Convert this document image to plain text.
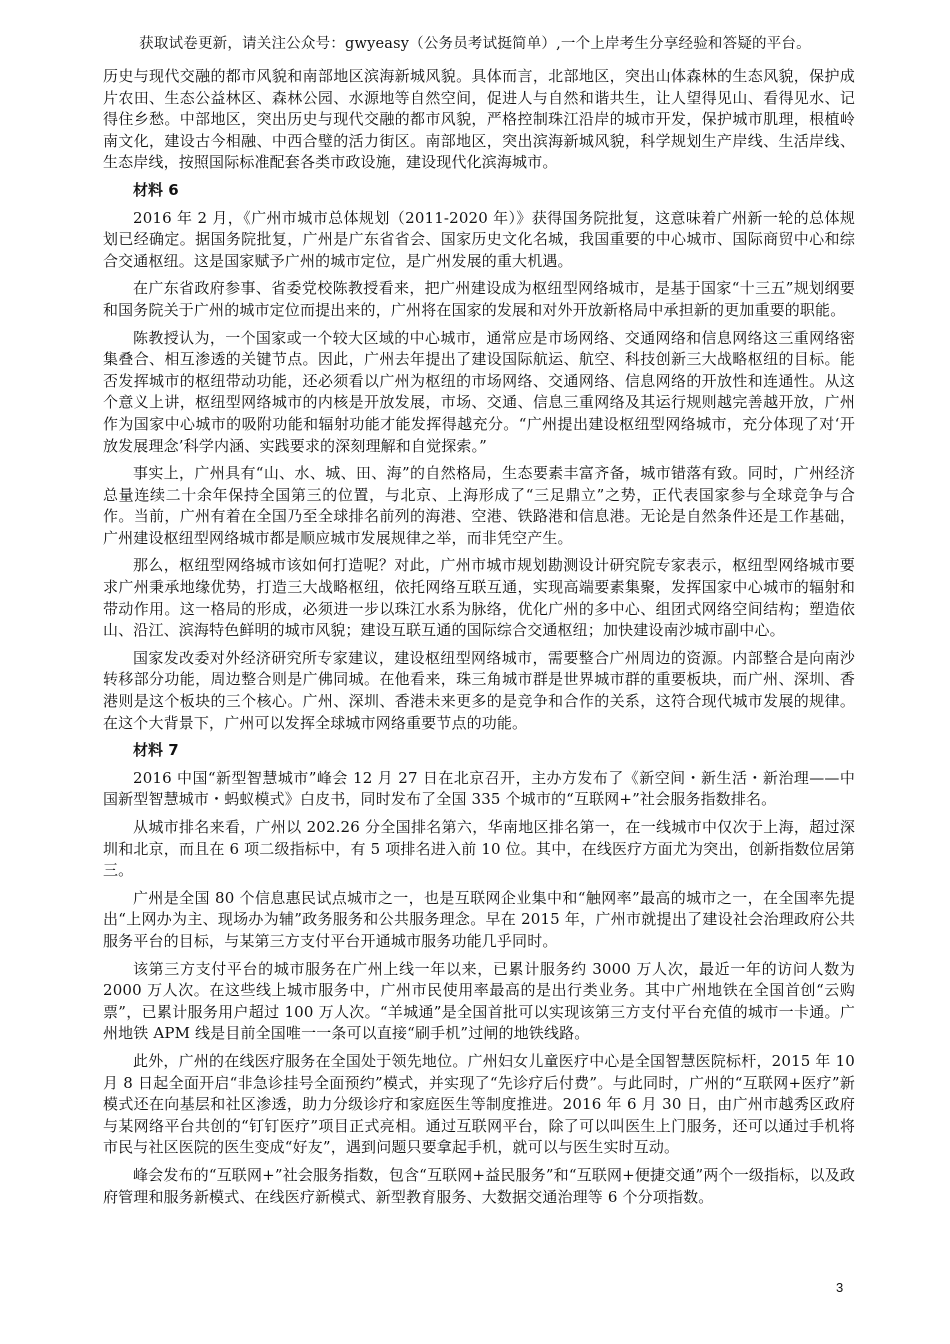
获取试卷更新，请关注公众号：gwyeasy（公务员考试挺简单）,一个上岸考生分享经验和答疑的平台。

历史与现代交融的都市风貌和南部地区滨海新城风貌。具体而言，北部地区，突出山体森林的生态风貌，保护成片农田、生态公益林区、森林公园、水源地等自然空间，促进人与自然和谐共生，让人望得见山、看得见水、记得住乡愁。中部地区，突出历史与现代交融的都市风貌，严格控制珠江沿岸的城市开发，保护城市肌理，根植岭南文化，建设古今相融、中西合璧的活力街区。南部地区，突出滨海新城风貌，科学规划生产岸线、生活岸线、生态岸线，按照国际标准配套各类市政设施，建设现代化滨海城市。

材料 6

2016 年 2 月，《广州市城市总体规划（2011-2020 年）》获得国务院批复，这意味着广州新一轮的总体规划已经确定。据国务院批复，广州是广东省省会、国家历史文化名城，我国重要的中心城市、国际商贸中心和综合交通枢纽。这是国家赋予广州的城市定位，是广州发展的重大机遇。

在广东省政府参事、省委党校陈教授看来，把广州建设成为枢纽型网络城市，是基于国家“十三五”规划纲要和国务院关于广州的城市定位而提出来的，广州将在国家的发展和对外开放新格局中承担新的更加重要的职能。

陈教授认为，一个国家或一个较大区域的中心城市，通常应是市场网络、交通网络和信息网络这三重网络密集叠合、相互渗透的关键节点。因此，广州去年提出了建设国际航运、航空、科技创新三大战略枢纽的目标。能否发挥城市的枢纽带动功能，还必须看以广州为枢纽的市场网络、交通网络、信息网络的开放性和连通性。从这个意义上讲，枢纽型网络城市的内核是开放发展，市场、交通、信息三重网络及其运行规则越完善越开放，广州作为国家中心城市的吸附功能和辐射功能才能发挥得越充分。“广州提出建设枢纽型网络城市，充分体现了对‘开放发展理念’科学内涵、实践要求的深刻理解和自觉探索。”

事实上，广州具有“山、水、城、田、海”的自然格局，生态要素丰富齐备，城市错落有致。同时，广州经济总量连续二十余年保持全国第三的位置，与北京、上海形成了“三足鼎立”之势，正代表国家参与全球竞争与合作。当前，广州有着在全国乃至全球排名前列的海港、空港、铁路港和信息港。无论是自然条件还是工作基础，广州建设枢纽型网络城市都是顺应城市发展规律之举，而非凭空产生。

那么，枢纽型网络城市该如何打造呢？对此，广州市城市规划勘测设计研究院专家表示，枢纽型网络城市要求广州秉承地缘优势，打造三大战略枢纽，依托网络互联互通，实现高端要素集聚，发挥国家中心城市的辐射和带动作用。这一格局的形成，必须进一步以珠江水系为脉络，优化广州的多中心、组团式网络空间结构；塑造依山、沿江、滨海特色鲜明的城市风貌；建设互联互通的国际综合交通枢纽；加快建设南沙城市副中心。

国家发改委对外经济研究所专家建议，建设枢纽型网络城市，需要整合广州周边的资源。内部整合是向南沙转移部分功能，周边整合则是广佛同城。在他看来，珠三角城市群是世界城市群的重要板块，而广州、深圳、香港则是这个板块的三个核心。广州、深圳、香港未来更多的是竞争和合作的关系，这符合现代城市发展的规律。在这个大背景下，广州可以发挥全球城市网络重要节点的功能。

材料 7

2016 中国“新型智慧城市”峰会 12 月 27 日在北京召开，主办方发布了《新空间・新生活・新治理——中国新型智慧城市・蚂蚁模式》白皮书，同时发布了全国 335 个城市的“互联网+”社会服务指数排名。

从城市排名来看，广州以 202.26 分全国排名第六，华南地区排名第一，在一线城市中仅次于上海，超过深圳和北京，而且在 6 项二级指标中，有 5 项排名进入前 10 位。其中，在线医疗方面尤为突出，创新指数位居第三。

广州是全国 80 个信息惠民试点城市之一，也是互联网企业集中和“触网率”最高的城市之一，在全国率先提出“上网办为主、现场办为辅”政务服务和公共服务理念。早在 2015 年，广州市就提出了建设社会治理政府公共服务平台的目标，与某第三方支付平台开通城市服务功能几乎同时。

该第三方支付平台的城市服务在广州上线一年以来，已累计服务约 3000 万人次，最近一年的访问人数为 2000 万人次。在这些线上城市服务中，广州市民使用率最高的是出行类业务。其中广州地铁在全国首创“云购票”，已累计服务用户超过 100 万人次。“羊城通”是全国首批可以实现该第三方支付平台充值的城市一卡通。广州地铁 APM 线是目前全国唯一一条可以直接“刷手机”过闸的地铁线路。

此外，广州的在线医疗服务在全国处于领先地位。广州妇女儿童医疗中心是全国智慧医院标杆，2015 年 10 月 8 日起全面开启“非急诊挂号全面预约”模式，并实现了“先诊疗后付费”。与此同时，广州的“互联网+医疗”新模式还在向基层和社区渗透，助力分级诊疗和家庭医生等制度推进。2016 年 6 月 30 日，由广州市越秀区政府与某网络平台共创的“钉钉医疗”项目正式亮相。通过互联网平台，除了可以叫医生上门服务，还可以通过手机将市民与社区医院的医生变成“好友”，遇到问题只要拿起手机，就可以与医生实时互动。

峰会发布的“互联网+”社会服务指数，包含“互联网+益民服务”和“互联网+便捷交通”两个一级指标，以及政府管理和服务新模式、在线医疗新模式、新型教育服务、大数据交通治理等 6 个分项指数。

3
